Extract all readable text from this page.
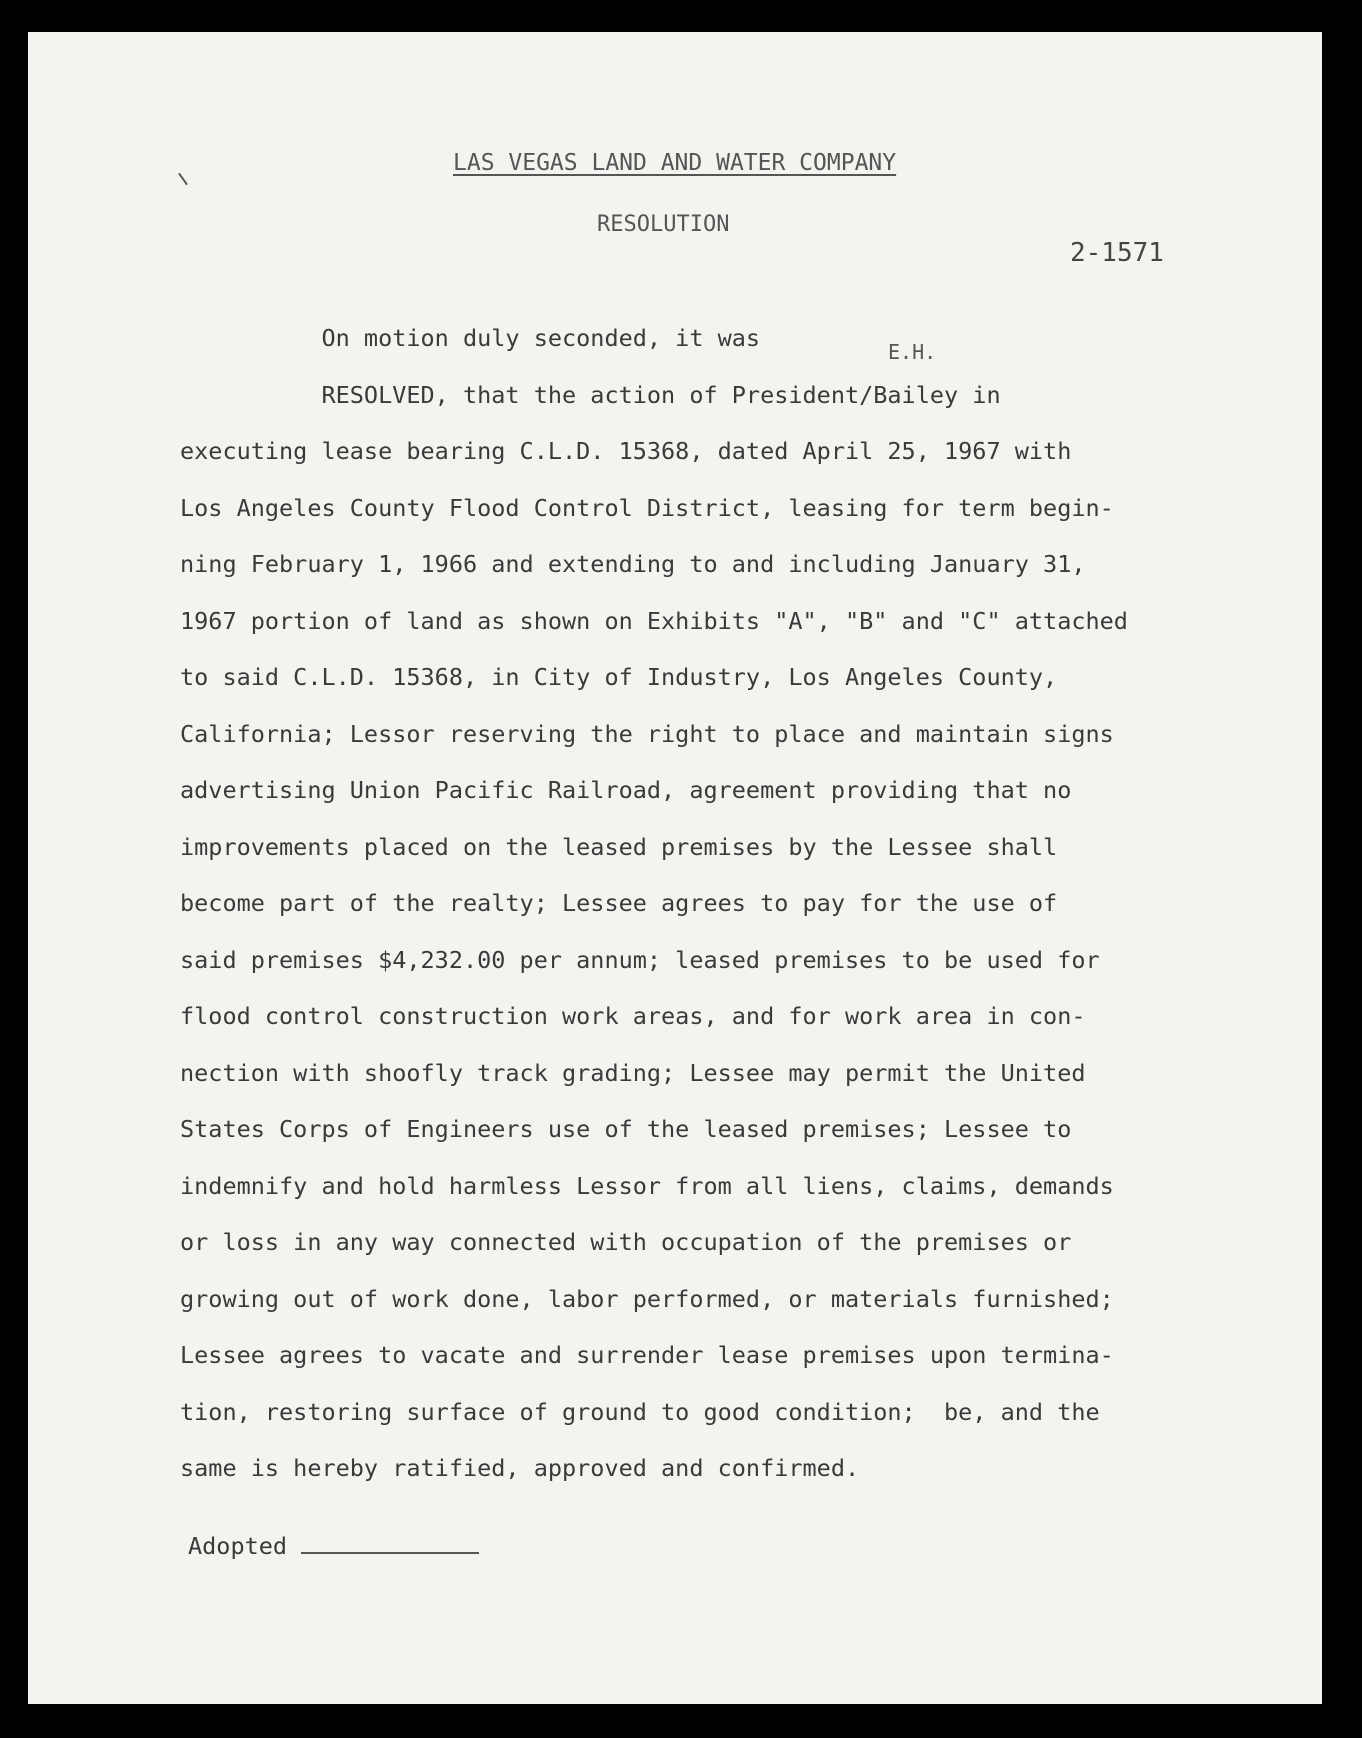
LAS VEGAS LAND AND WATER COMPANY
RESOLUTION
2-1571
E.H.
On motion duly seconded, it was
RESOLVED, that the action of President/Bailey in
executing lease bearing C.L.D. 15368, dated April 25, 1967 with
Los Angeles County Flood Control District, leasing for term begin-
ning February 1, 1966 and extending to and including January 31,
1967 portion of land as shown on Exhibits "A", "B" and "C" attached
to said C.L.D. 15368, in City of Industry, Los Angeles County,
California; Lessor reserving the right to place and maintain signs
advertising Union Pacific Railroad, agreement providing that no
improvements placed on the leased premises by the Lessee shall
become part of the realty; Lessee agrees to pay for the use of
said premises $4,232.00 per annum; leased premises to be used for
flood control construction work areas, and for work area in con-
nection with shoofly track grading; Lessee may permit the United
States Corps of Engineers use of the leased premises; Lessee to
indemnify and hold harmless Lessor from all liens, claims, demands
or loss in any way connected with occupation of the premises or
growing out of work done, labor performed, or materials furnished;
Lessee agrees to vacate and surrender lease premises upon termina-
tion, restoring surface of ground to good condition;  be, and the
same is hereby ratified, approved and confirmed.
Adopted
